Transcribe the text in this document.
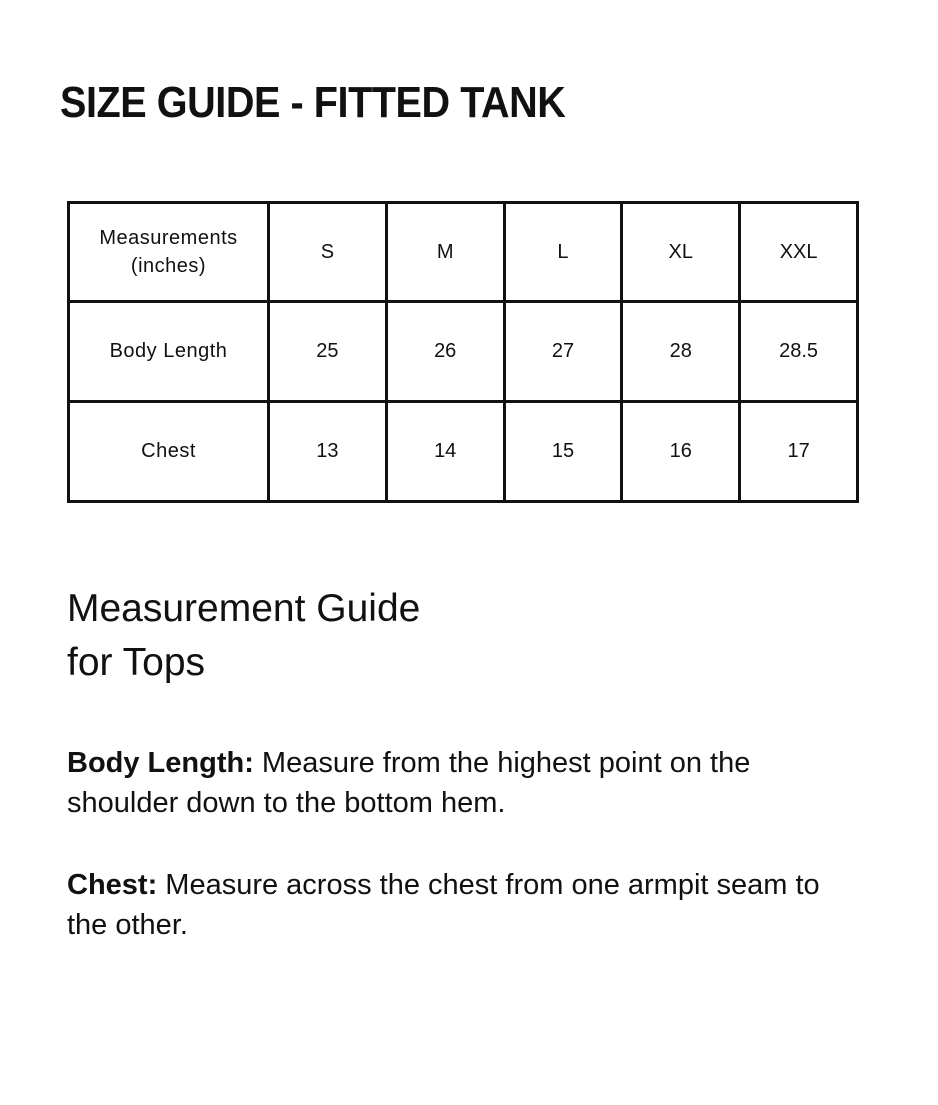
SIZE GUIDE - FITTED TANK
Measurements
(inches)	S	M	L	XL	XXL
Body Length	25	26	27	28	28.5
Chest	13	14	15	16	17
Measurement Guide
for Tops

Body Length: Measure from the highest point on the shoulder down to the bottom hem.

Chest: Measure across the chest from one armpit seam to the other.
